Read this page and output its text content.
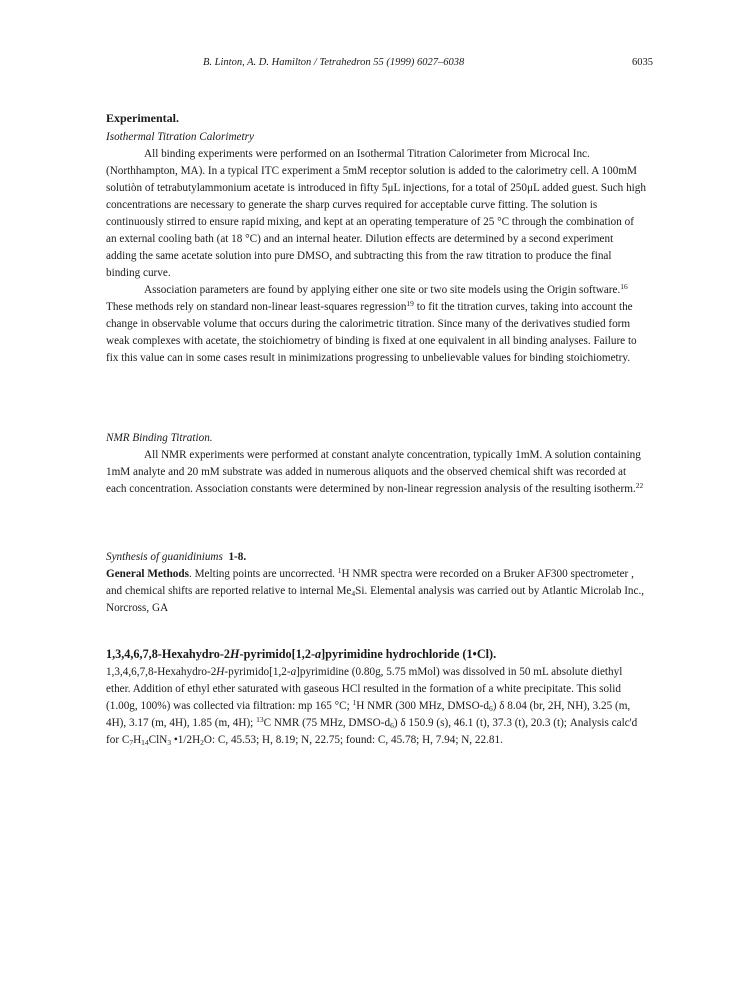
B. Linton, A. D. Hamilton / Tetrahedron 55 (1999) 6027–6038	6035

Experimental.

Isothermal Titration Calorimetry

All binding experiments were performed on an Isothermal Titration Calorimeter from Microcal Inc. (Northhampton, MA). In a typical ITC experiment a 5mM receptor solution is added to the calorimetry cell. A 100mM solutiòn of tetrabutylammonium acetate is introduced in fifty 5μL injections, for a total of 250μL added guest. Such high concentrations are necessary to generate the sharp curves required for acceptable curve fitting. The solution is continuously stirred to ensure rapid mixing, and kept at an operating temperature of 25 °C through the combination of an external cooling bath (at 18 °C) and an internal heater. Dilution effects are determined by a second experiment adding the same acetate solution into pure DMSO, and subtracting this from the raw titration to produce the final binding curve.

Association parameters are found by applying either one site or two site models using the Origin software.$^{16}$ These methods rely on standard non-linear least-squares regression$^{19}$ to fit the titration curves, taking into account the change in observable volume that occurs during the calorimetric titration. Since many of the derivatives studied form weak complexes with acetate, the stoichiometry of binding is fixed at one equivalent in all binding analyses. Failure to fix this value can in some cases result in minimizations progressing to unbelievable values for binding stoichiometry.

NMR Binding Titration.

All NMR experiments were performed at constant analyte concentration, typically 1mM. A solution containing 1mM analyte and 20 mM substrate was added in numerous aliquots and the observed chemical shift was recorded at each concentration. Association constants were determined by non-linear regression analysis of the resulting isotherm.$^{22}$

Synthesis of guanidiniums 1-8.

General Methods. Melting points are uncorrected. $^1$H NMR spectra were recorded on a Bruker AF300 spectrometer , and chemical shifts are reported relative to internal $Me_4Si$. Elemental analysis was carried out by Atlantic Microlab Inc., Norcross, GA

1,3,4,6,7,8-Hexahydro-2H-pyrimido[1,2-a]pyrimidine hydrochloride (1•Cl).

1,3,4,6,7,8-Hexahydro-2H-pyrimido[1,2-a]pyrimidine (0.80g, 5.75 mMol) was dissolved in 50 mL absolute diethyl ether. Addition of ethyl ether saturated with gaseous HCl resulted in the formation of a white precipitate. This solid (1.00g, 100%) was collected via filtration: mp 165 °C; $^1$H NMR (300 MHz, DMSO-$d_6$) δ 8.04 (br, 2H, NH), 3.25 (m, 4H), 3.17 (m, 4H), 1.85 (m, 4H); $^{13}$C NMR (75 MHz, DMSO-$d_6$) δ 150.9 (s), 46.1 (t), 37.3 (t), 20.3 (t); Analysis calc'd for $C_7H_{14}ClN_3$ $•1/2H_2O$: C, 45.53; H, 8.19; N, 22.75; found: C, 45.78; H, 7.94; N, 22.81.
